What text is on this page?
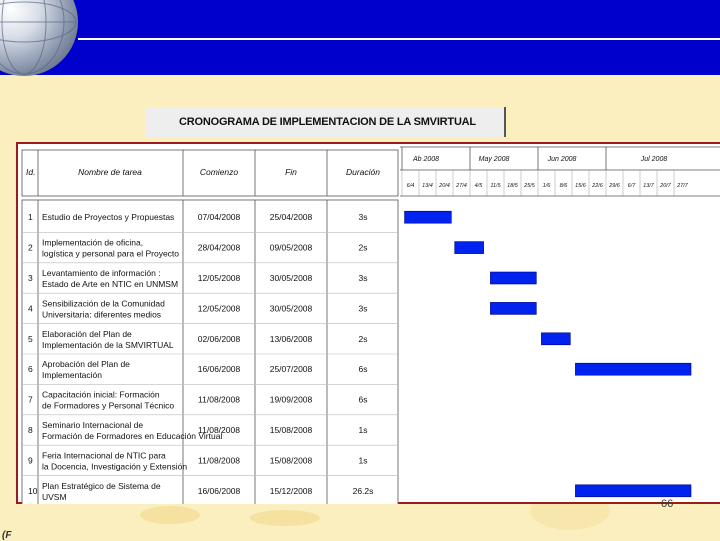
CRONOGRAMA DE IMPLEMENTACION DE LA SMVIRTUAL
Id.	Nombre de tarea	Comienzo	Fin	Duración
Ab 2008	May 2008	Jun 2008	Jul 2008
6/4 13/4 20/4 27/4 4/5 11/5 18/5 25/5 1/6 8/6 15/6 22/6 29/6 6/7 13/7 20/7 27/7
1 Estudio de Proyectos y Propuestas	07/04/2008	25/04/2008	3s
2 Implementación de oficina,
logística y personal para el Proyecto
28/04/2008	09/05/2008	2s
3 Levantamiento de información :
Estado de Arte en NTIC en UNMSM
12/05/2008	30/05/2008	3s
4 Sensibilización de la Comunidad
Universitaria: diferentes medios
12/05/2008	30/05/2008	3s
5 Elaboración del Plan de
Implementación de la SMVIRTUAL
02/06/2008	13/06/2008	2s
6 Aprobación del Plan de
Implementación
16/06/2008	25/07/2008	6s
7 Capacitación inicial: Formación
de Formadores y Personal Técnico
11/08/2008	19/09/2008	6s
8 Seminario Internacional de
Formación de Formadores en Educación Virtual
11/08/2008	15/08/2008	1s
9 Feria Internacional de NTIC para
la Docencia, Investigación y Extensión
11/08/2008	15/08/2008	1s
10 Plan Estratégico de Sistema de
UVSM
16/06/2008	15/12/2008	26.2s
66
(F
